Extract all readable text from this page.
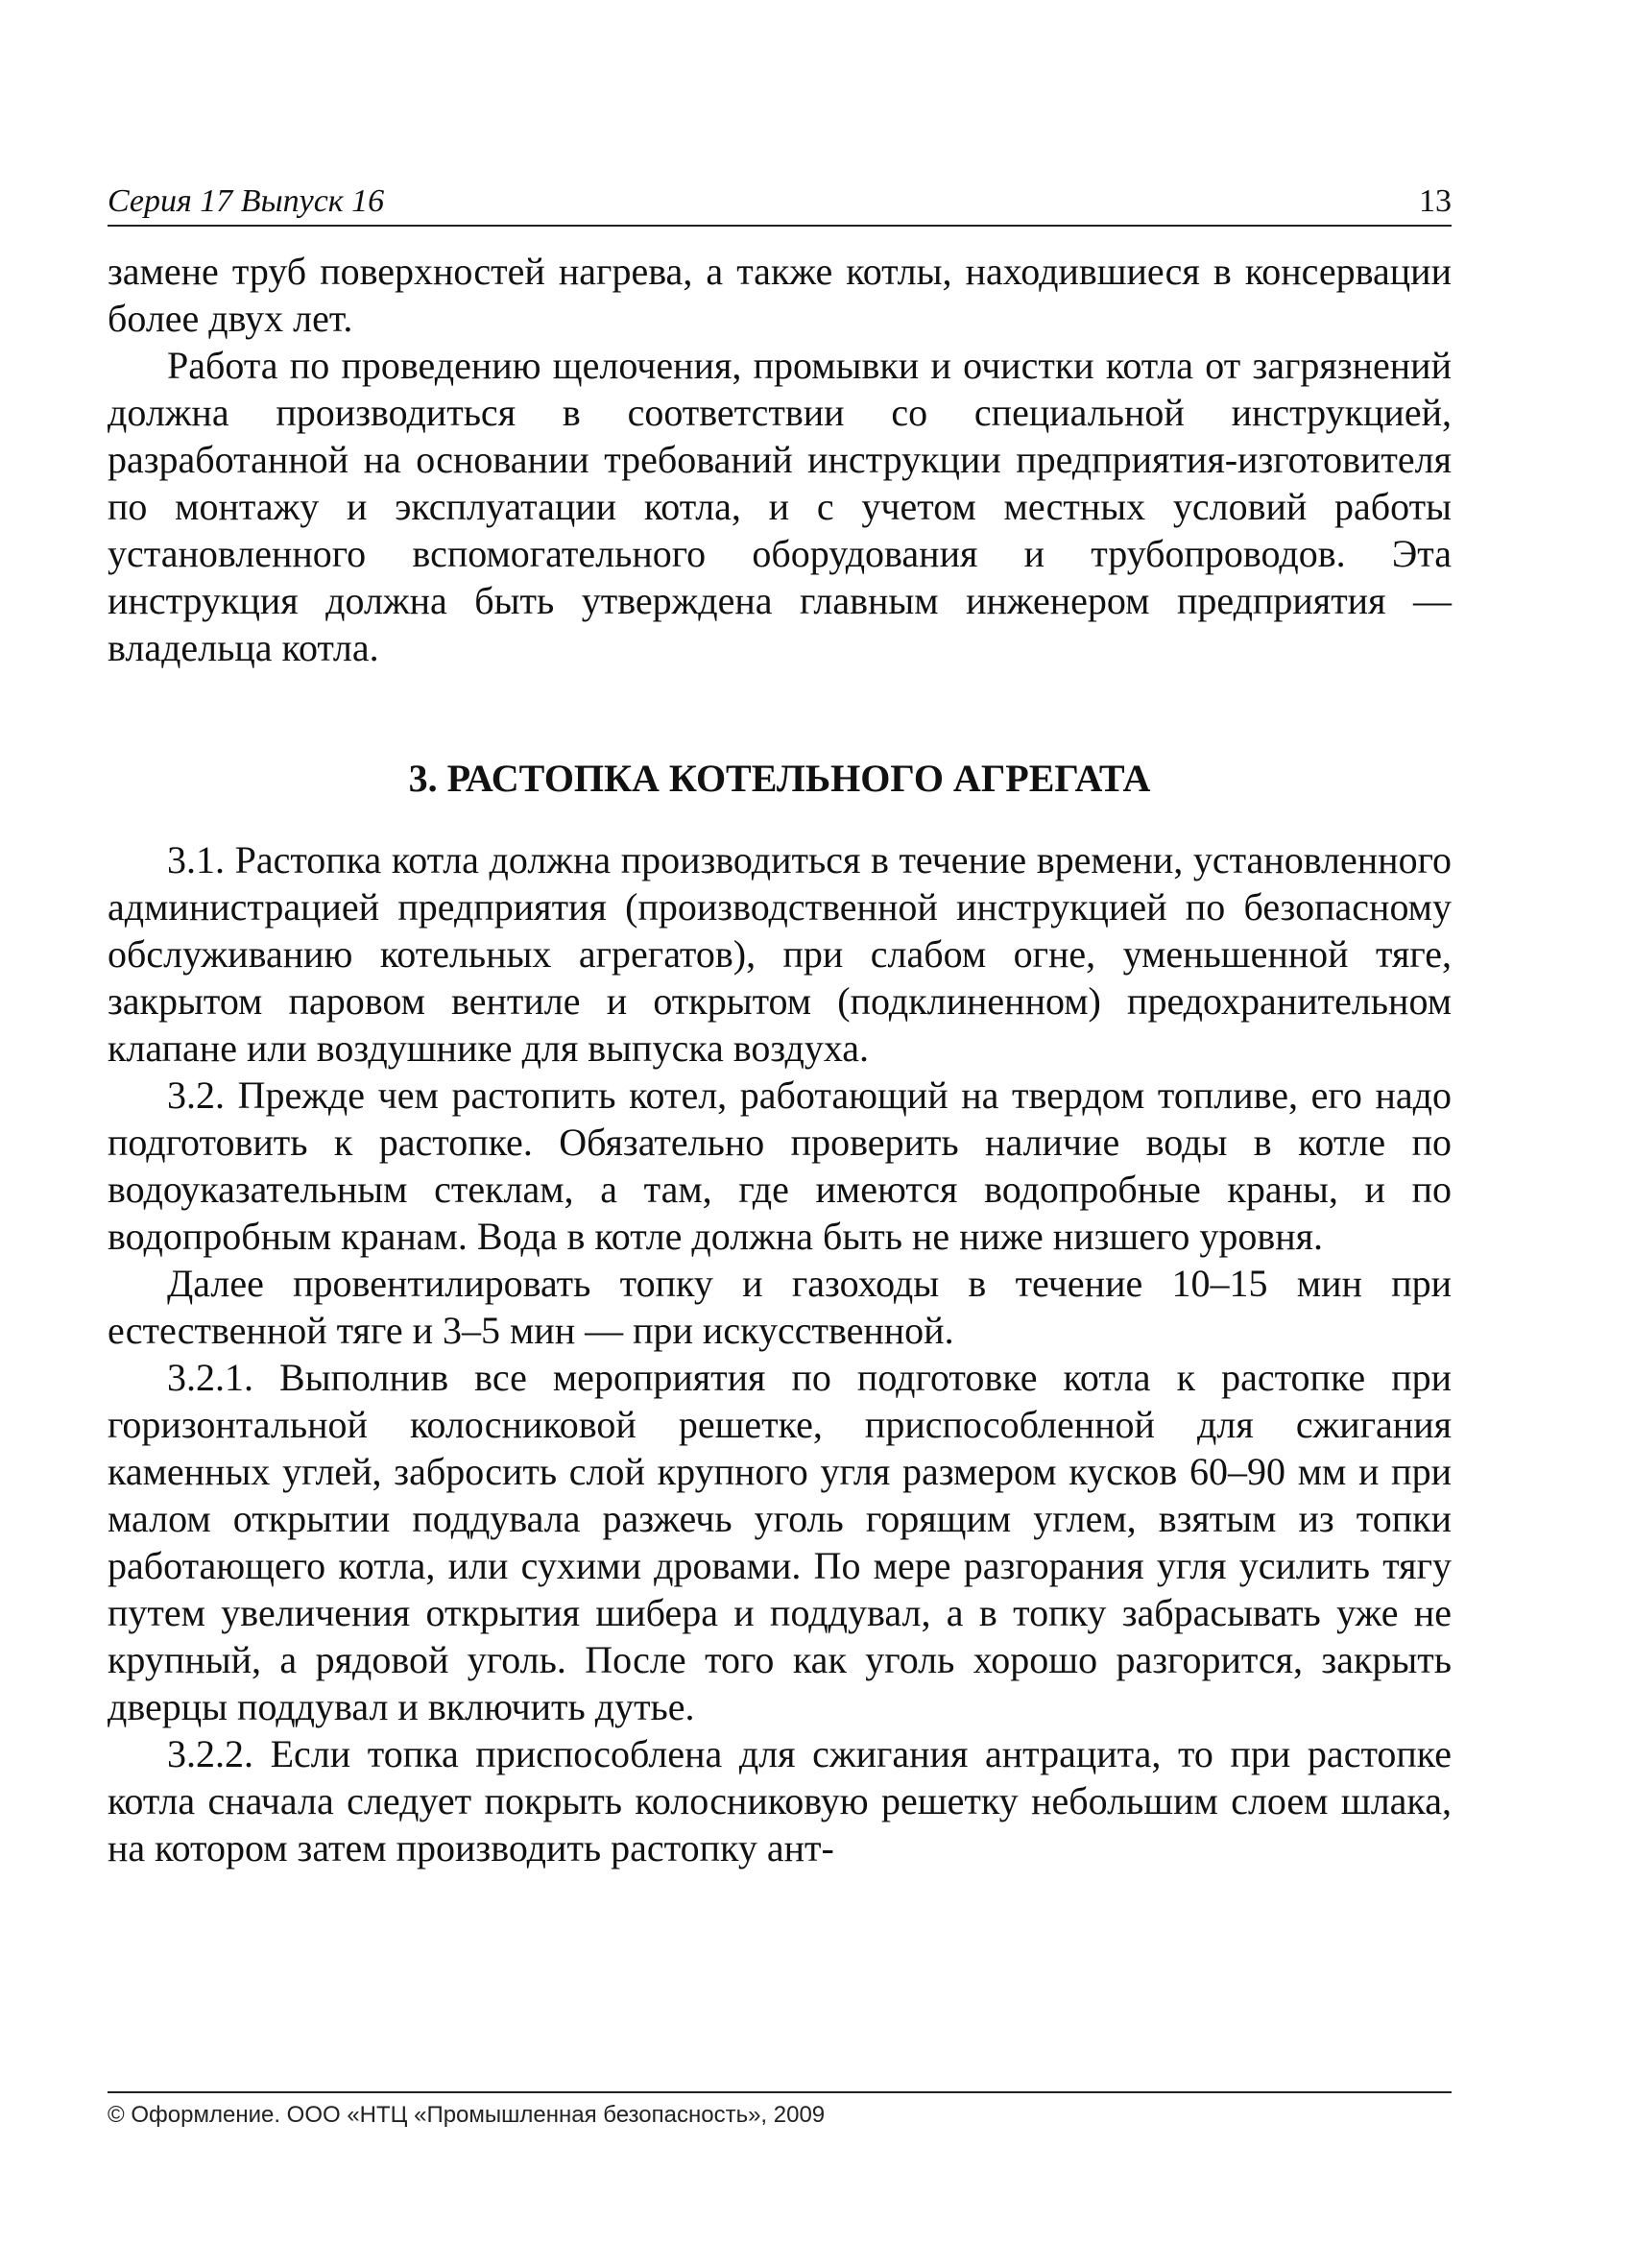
Серия 17 Выпуск 16	13

замене труб поверхностей нагрева, а также котлы, находившиеся в консервации более двух лет.

Работа по проведению щелочения, промывки и очистки котла от загрязнений должна производиться в соответствии со специальной инструкцией, разработанной на основании требований инструкции предприятия-изготовителя по монтажу и эксплуатации котла, и с учетом местных условий работы установленного вспомогательного оборудования и трубопроводов. Эта инструкция должна быть утверждена главным инженером предприятия — владельца котла.

3. РАСТОПКА КОТЕЛЬНОГО АГРЕГАТА

3.1. Растопка котла должна производиться в течение времени, установленного администрацией предприятия (производственной инструкцией по безопасному обслуживанию котельных агрегатов), при слабом огне, уменьшенной тяге, закрытом паровом вентиле и открытом (подклиненном) предохранительном клапане или воздушнике для выпуска воздуха.

3.2. Прежде чем растопить котел, работающий на твердом топливе, его надо подготовить к растопке. Обязательно проверить наличие воды в котле по водоуказательным стеклам, а там, где имеются водопробные краны, и по водопробным кранам. Вода в котле должна быть не ниже низшего уровня.

Далее провентилировать топку и газоходы в течение 10–15 мин при естественной тяге и 3–5 мин — при искусственной.

3.2.1. Выполнив все мероприятия по подготовке котла к растопке при горизонтальной колосниковой решетке, приспособленной для сжигания каменных углей, забросить слой крупного угля размером кусков 60–90 мм и при малом открытии поддувала разжечь уголь горящим углем, взятым из топки работающего котла, или сухими дровами. По мере разгорания угля усилить тягу путем увеличения открытия шибера и поддувал, а в топку забрасывать уже не крупный, а рядовой уголь. После того как уголь хорошо разгорится, закрыть дверцы поддувал и включить дутье.

3.2.2. Если топка приспособлена для сжигания антрацита, то при растопке котла сначала следует покрыть колосниковую решетку небольшим слоем шлака, на котором затем производить растопку ант-

© Оформление. ООО «НТЦ «Промышленная безопасность», 2009
